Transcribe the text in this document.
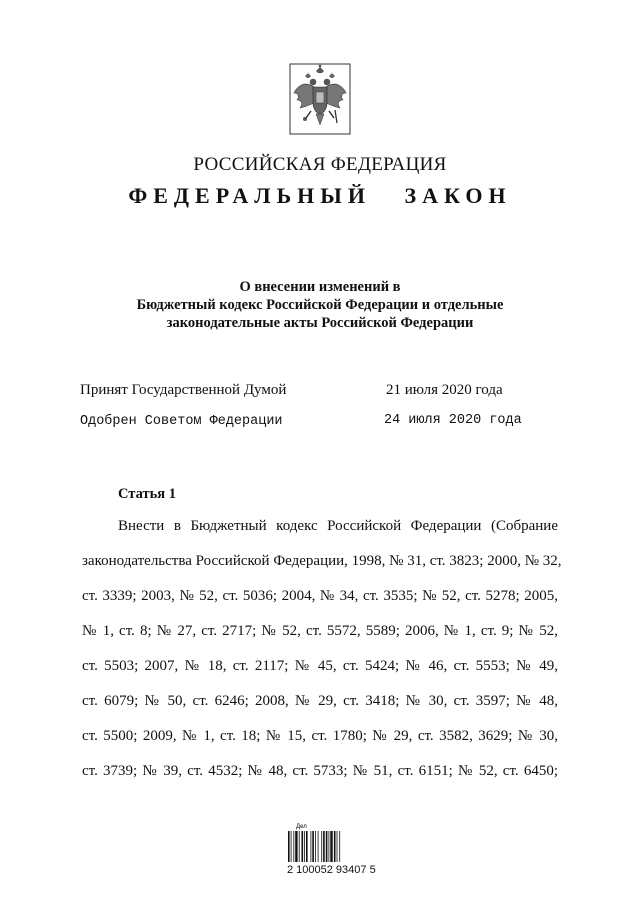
РОССИЙСКАЯ ФЕДЕРАЦИЯ
ФЕДЕРАЛЬНЫЙ ЗАКОН
О внесении изменений в
Бюджетный кодекс Российской Федерации и отдельные
законодательные акты Российской Федерации
Принят Государственной Думой	21 июля 2020 года
Одобрен Советом Федерации	24 июля 2020 года
Статья 1
Внести в Бюджетный кодекс Российской Федерации (Собрание
законодательства Российской Федерации, 1998, № 31, ст. 3823; 2000, № 32,
ст. 3339; 2003, № 52, ст. 5036; 2004, № 34, ст. 3535; № 52, ст. 5278; 2005,
№ 1, ст. 8; № 27, ст. 2717; № 52, ст. 5572, 5589; 2006, № 1, ст. 9; № 52,
ст. 5503; 2007, № 18, ст. 2117; № 45, ст. 5424; № 46, ст. 5553; № 49,
ст. 6079; № 50, ст. 6246; 2008, № 29, ст. 3418; № 30, ст. 3597; № 48,
ст. 5500; 2009, № 1, ст. 18; № 15, ст. 1780; № 29, ст. 3582, 3629; № 30,
ст. 3739; № 39, ст. 4532; № 48, ст. 5733; № 51, ст. 6151; № 52, ст. 6450;
Дел
2 100052 93407 5
